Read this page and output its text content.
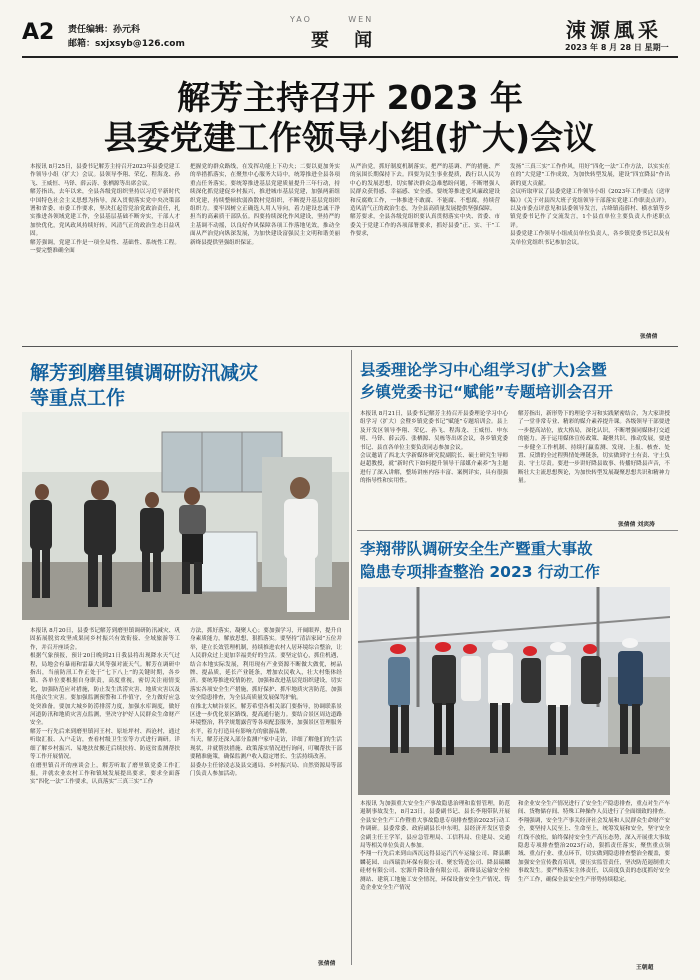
A2 责任编辑：孙元科
邮箱：sxjxsyb@126.com
YAO        WEN
要    闻	涑源風采
2023 年 8 月 28 日 星期一
解芳主持召开 2023 年
县委党建工作领导小组(扩大)会议
本报讯 8月25日，县委书记解芳主持召开2023年县委党建工作领导小组（扩大）会议。县领导李翔、荣亿、程海龙、孙飞、王威恒、马铎、薛云涛、张栖源等出席会议。
解芳指出，去年以来，全县各级党组织坚持以习近平新时代中国特色社会主义思想为指导，深入贯彻落实党中央决策部署和省委、市委工作要求，坚决扛起管党治党政治责任，扎实推进各领域党建工作，全县基层基础不断夯实，干部人才加快优化，党风政风持续好转，风清气正的政治生态日益巩固。
解芳强调，党建工作是一项全局性、基础性、系统性工程。一要完整准确全面
把握党的群众路线，在发挥功能上下功夫；二要以更加务实的举措抓落实，在聚焦中心服务大局中，统筹推进全县各项重点任务落实。要统筹推进基层党建质量提升三年行动，持续深化抓党建促乡村振兴，推进城市基层党建，加强两新组织党建，持续整顿软弱涣散村党组织，不断提升基层党组织组织力。要牢固树立正确选人用人导向，着力建设忠诚干净担当的高素质干部队伍。四要持续深化作风建设，坚持严的主基调不动摇，以良好作风保障各项工作落地见效，推动全面从严治党向纵深发展，为加快建设富强民主文明和谐美丽新绛县提供坚强组织保证。
从严治党，抓好制度机制落实，把严的基调、严的措施、严的氛围长期保持下去。四要为民生事业提质，践行以人民为中心的发展思想，切实解决群众急难愁盼问题，不断增强人民群众获得感、幸福感、安全感。要统筹推进党风廉政建设和反腐败工作，一体推进不敢腐、不能腐、不想腐，持续营造风清气正的政治生态，为全县高质量发展提供坚强保障。
解芳要求，全县各级党组织要认真贯彻落实中央、省委、市委关于党建工作的各项部署要求，抓好县委“正、实、干”工作要求，
发扬“三真三实”工作作风，用好“四化一法”工作方法，以实实在在的“大党建”工作成效，为加快转型发展，建设“四宜降县”作出新的更大贡献。
会议听取审议了县委党建工作领导小组《2023年工作要点（送审稿）》《关于对县四大班子党组领导干部落实党建工作职责点评》，以及市委点评意见和县委领导发言，古绛镇南薛村、横水镇等乡镇党委书记作了交流发言，1个县直单位主要负责人作述职点评。
县委党建工作领导小组成员单位负责人，各乡镇党委书记以及有关单位党组织书记参加会议。
张倩倩
解芳到磨里镇调研防汛减灾
等重点工作
本报讯 8月20日，县委书记解芳到磨里镇调研防汛减灾、巩固拓展脱贫攻坚成果同乡村振兴有效衔接、全域旅游等工作，并召开座谈会。
根据气象预报，预计20日晚到21日我县将出现降水天气过程，局地会有暴雨和雷暴大风等强对流天气。解芳在调研中指出，当前防汛工作正处于“七下八上”的关键时期，各乡镇、各单位要根据自身职责，高度重视，密切关注雨情变化，加强防范应对措施，防止发生洪涝灾害、地质灾害以及其他次生灾害。要加强监测预警和工作值守，全力做好应急处突准备。要加大城乡防涝排涝力度，加强水库调度，做好河道防汛和地质灾害点监测，坚决守护好人民群众生命财产安全。
解芳一行先后来到磨里镇河王村、原址坪村、西沧村，通过听取汇报、入户走访，查看村级卫生室等方式进行调研。详细了解乡村振兴、易地扶贫搬迁后续扶持、防返贫监测帮扶等工作开展情况。
在磨里镇召开的座谈会上，解芳听取了磨里镇党委工作汇报，并就农业农村工作和镇域发展提出要求，要求全面落实“四化一法”工作要求，认真落实“三真三实”工作
方法，抓好落实，凝聚人心；要加强学习，开阔眼界，提升自身素质能力，解放思想，狠抓落实。要坚持“清洁家园”五位并举，建立长效管理机制，持续推进农村人居环境综合整治，让人民群众过上更加幸福美好的生活。要坚定信心，抓住机遇，结合本地实际发展，利用现有产业资源不断做大做优，树品牌、提品质，延长产业链条，增加农民收入，壮大村集体经济。要统筹推进疫情防控，加强和改进基层党组织建设，切实落实各项安全生产措施，抓好保护、抓牢地质灾害防范，加强安全隐患排查，为全县高质量发展保驾护航。
在推北大峡谷景区，解芳希望各相关部门要指导，协调联系景区进一步优化景区路线，提高通行能力。要结合景区周边道路环境整治，科学规划露营等各项配套服务，加强景区管理服务水平，着力打造具有影响力的旅游品牌。
当天，解芳还深入部分监测户家中走访，详细了解他们的生活现状，并就帮扶措施、政策落实情况进行询问，叮嘱帮扶干部要精准施策，确保监测户收入稳定增长、生活持续改善。
县委办主任徐凌志及县交通局、乡村振兴局、自然资源局等部门负责人参加活动。
张倩倩
县委理论学习中心组学习(扩大)会暨
乡镇党委书记“赋能”专题培训会召开
本报讯 8月21日，县委书记解芳主持召开县委理论学习中心组学习（扩大）会暨乡镇党委书记“赋能”专题培训会。县上及开发区领导李翔、荣亿、孙飞、程海龙、王威恒、申东明、马铎、薛云涛、张栖源、吴栋等出席会议，各乡镇党委书记、县直各单位主要负责同志参加会议。
会议邀请了西北大学新媒体研究院副院长、硕士研究生导师赵超教授，就“新时代下如何提升领导干部媒介素养”为主题进行了深入讲解，整场讲座内容丰富、案例详实，具有很强的指导性和实用性。
解芳指出，新形势下的理论学习和实践紧密结合，为大家讲授了一堂非常专业、精彩的媒介素养提升课。各级领导干部要进一步提高站位，放大格局，深化认识，不断增强同媒体打交道的能力。善于运用媒体宣传政策、凝聚共识、推动发展，要进一步健全工作机制、持续打赢监测、发现、上报、核查、处置、反馈的全过程舆情处理链条，切实做到守土有责、守土负责、守土尽责。要进一步讲好降县故事、传播好降县声音，不断壮大主流思想舆论，为加快转型发展凝聚思想共识和精神力量。
张倩倩 刘宾涛
李翔带队调研安全生产暨重大事故
隐患专项排查整治 2023 行动工作
本报讯 为加强重大安全生产事故隐患治理和监督管理，防范遏制事故发生，8月23日，县委副书记、县长李翔带队开展全县安全生产工作暨重大事故隐患专项排查整治2023行动工作调研。县委常委、政府副县长申东明，县经济开发区管委会副主任王学军，县应急管理局、工信科局、住建局、交通局等相关单位负责人参加。
李翔一行先后来到山西沉远得县运汽汽车运输公司、降县麒麟花园、山西瑞浩环保有限公司、聚宏铸造公司、降县瑞麟硅材有限公司、宏源升降设备有限公司、新绛县运输安全检测站、建筑工地施工安全情况，环保设备安全生产情况、铸造企业安全生产情况
和企业安全生产情况进行了安全生产隐患排查，重点对生产车间、货物储存间、特殊工种操作人员进行了全面细致的排查。
李翔强调，安全生产事关经济社会发展和人民群众生命财产安全，要坚持人民至上、生命至上，统筹发展和安全，坚守安全红线不放松，始终保持安全生产高压态势，深入开展重大事故隐患专项排查整治2023行动，狠抓责任落实，聚焦重点领域、重点行业、重点环节，切实做到隐患排查整治全覆盖，要加强安全宣传教育培训，要压实监管责任，坚决防范遏制重大事故发生。要严格落实主体责任，以高度负责的态度抓好安全生产工作，确保全县安全生产形势持续稳定。
王朝超
